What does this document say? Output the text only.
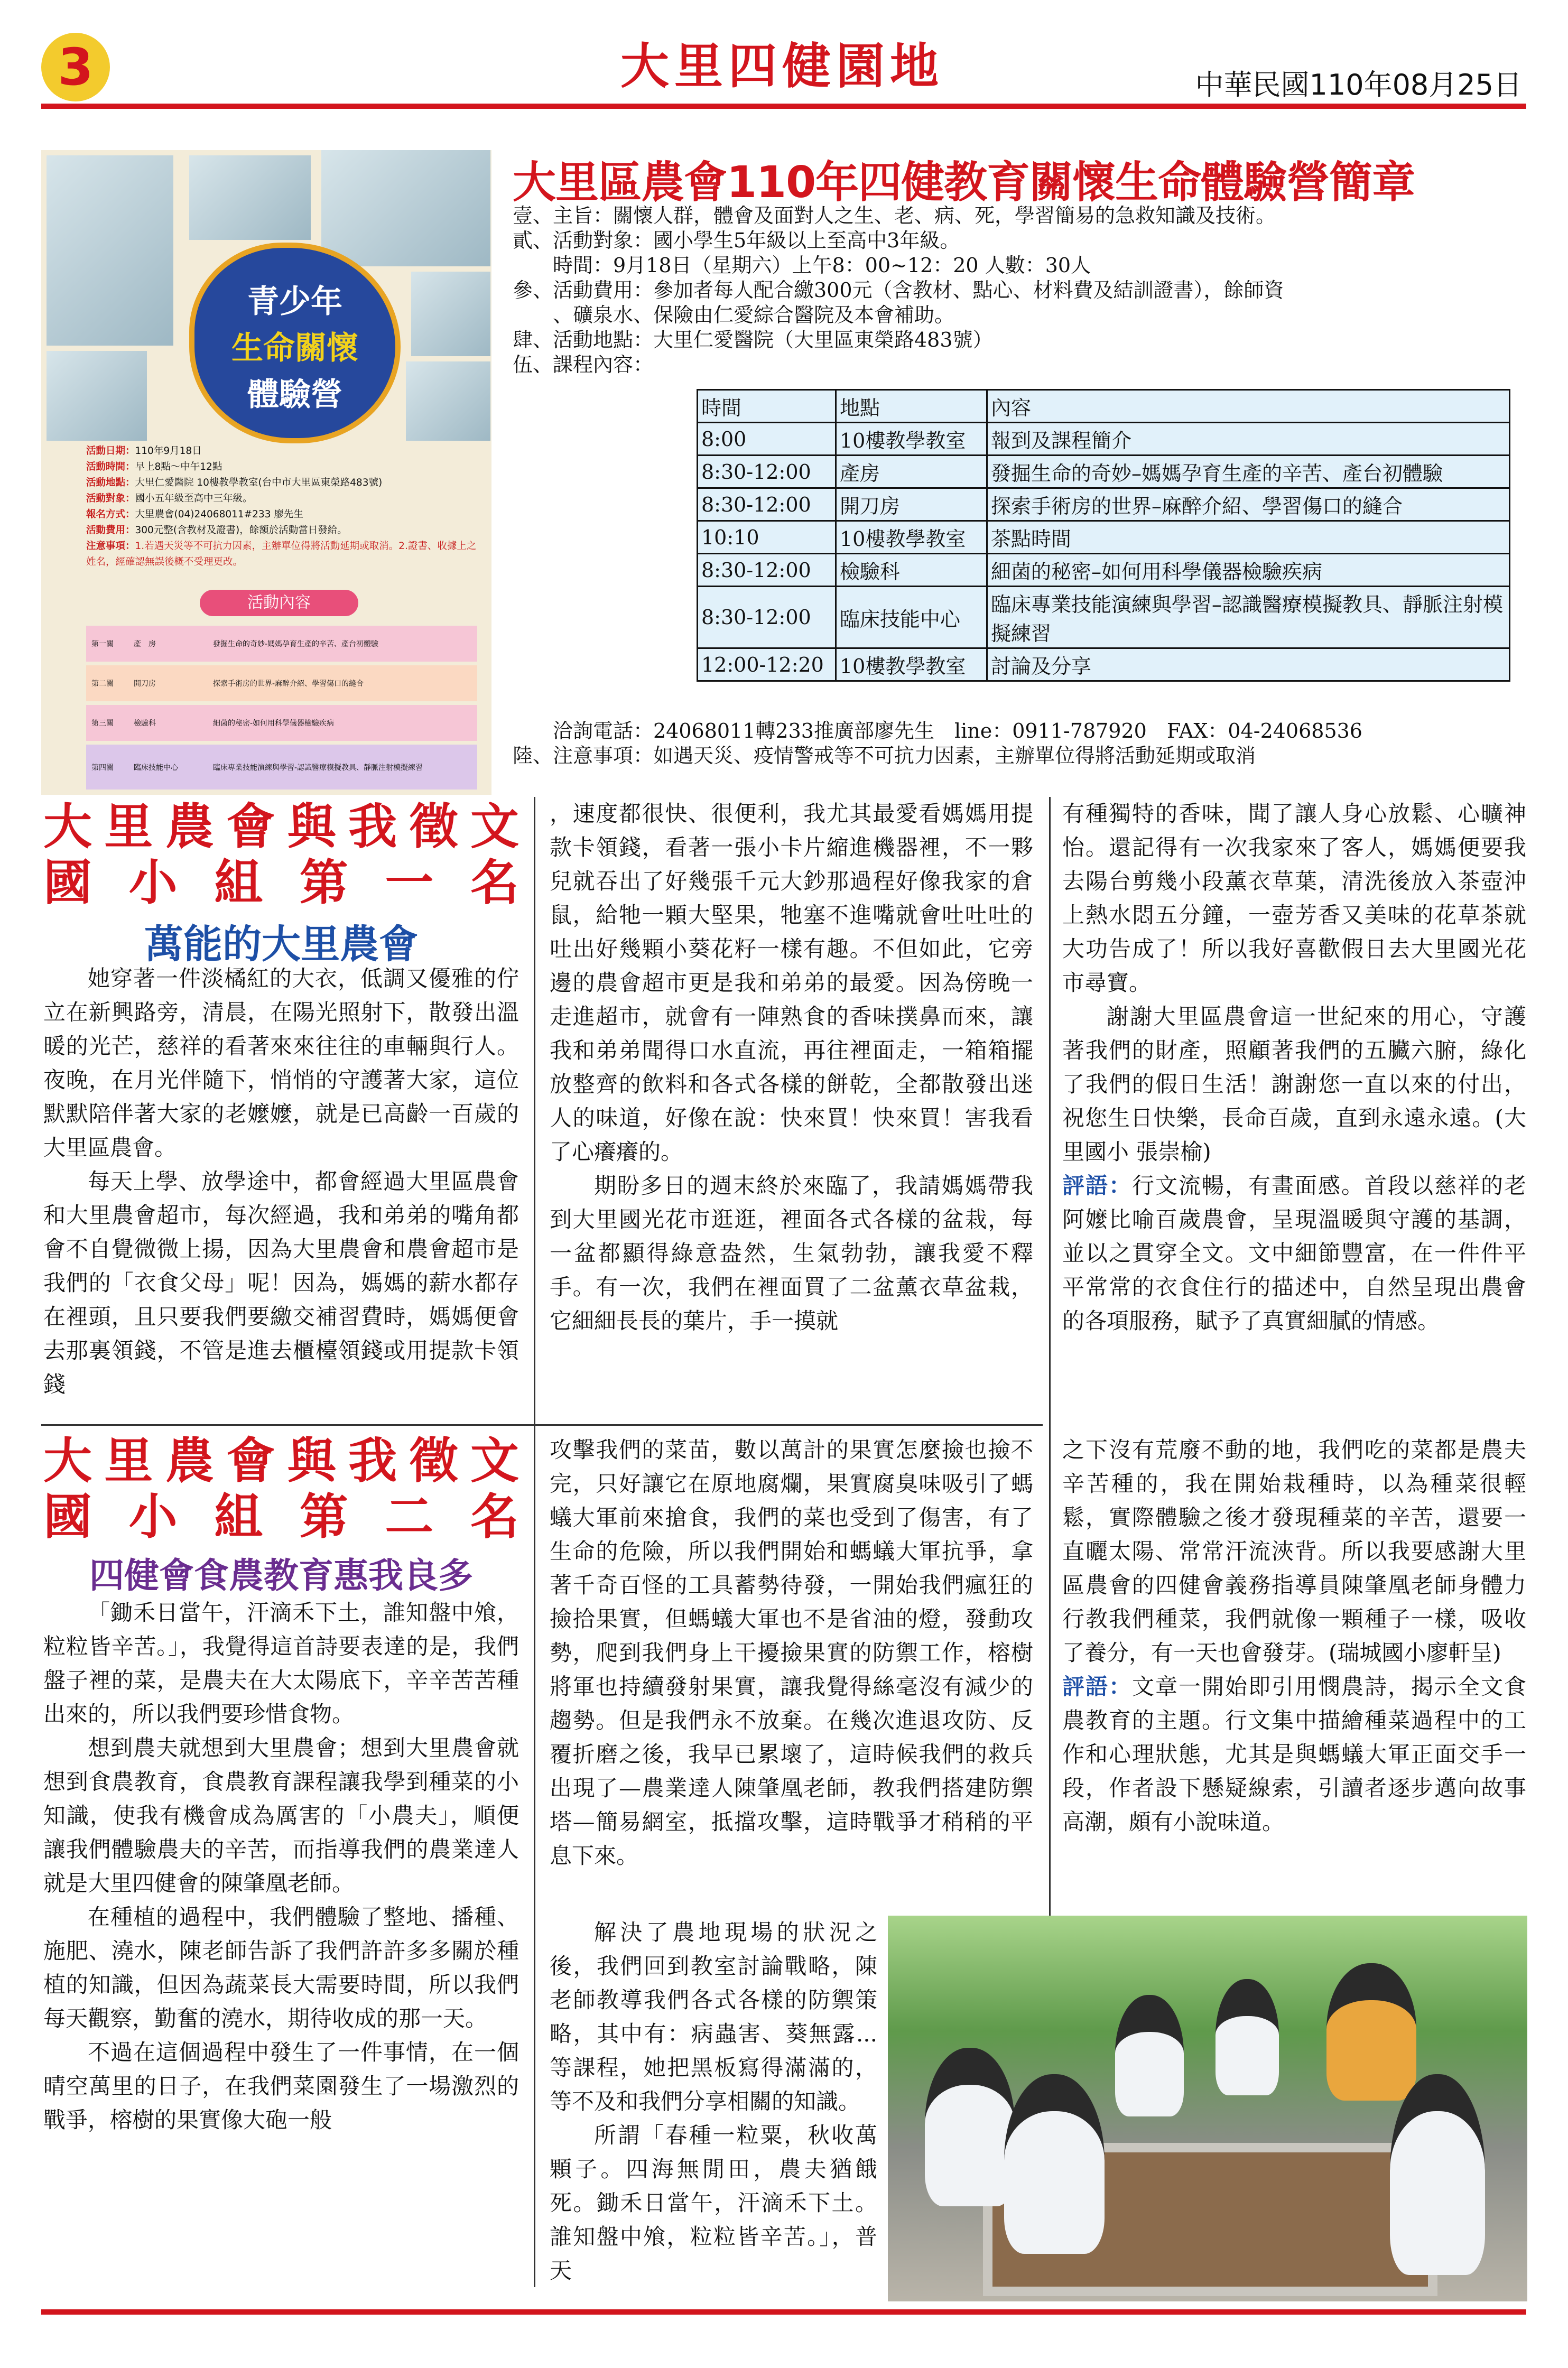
3	大里四健園地	中華民國110年08月25日
青少年
生命關懷
體驗營
活動日期：110年9月18日
活動時間：早上8點～中午12點
活動地點：大里仁愛醫院 10樓教學教室(台中市大里區東榮路483號)
活動對象：國小五年級至高中三年級。
報名方式：大里農會(04)24068011#233 廖先生
活動費用：300元整(含教材及證書)，餘額於活動當日發給。
注意事項：1.若遇天災等不可抗力因素，主辦單位得將活動延期或取消。2.證書、收據上之姓名，經確認無誤後概不受理更改。
活動內容
第一關	產　房	發掘生命的奇妙-媽媽孕育生產的辛苦、產台初體驗
第二關	開刀房	探索手術房的世界-麻醉介紹、學習傷口的縫合
第三關	檢驗科	細菌的秘密-如何用科學儀器檢驗疾病
第四關	臨床技能中心	臨床專業技能演練與學習-認識醫療模擬教具、靜脈注射模擬練習
大里區農會110年四健教育關懷生命體驗營簡章
壹、主旨：關懷人群，體會及面對人之生、老、病、死，學習簡易的急救知識及技術。
貳、活動對象：國小學生5年級以上至高中3年級。
　　時間：9月18日（星期六）上午8：00~12：20 人數：30人
參、活動費用：參加者每人配合繳300元（含教材、點心、材料費及結訓證書），餘師資
　　、礦泉水、保險由仁愛綜合醫院及本會補助。
肆、活動地點：大里仁愛醫院（大里區東榮路483號）
伍、課程內容：
時間	地點	內容
8:00	10樓教學教室	報到及課程簡介
8:30-12:00	產房	發掘生命的奇妙–媽媽孕育生產的辛苦、產台初體驗
8:30-12:00	開刀房	探索手術房的世界–麻醉介紹、學習傷口的縫合
10:10	10樓教學教室	茶點時間
8:30-12:00	檢驗科	細菌的秘密–如何用科學儀器檢驗疾病
8:30-12:00	臨床技能中心	臨床專業技能演練與學習–認識醫療模擬教具、靜脈注射模擬練習
12:00-12:20	10樓教學教室	討論及分享
　　洽詢電話：24068011轉233推廣部廖先生　line：0911-787920　FAX：04-24068536
陸、注意事項：如遇天災、疫情警戒等不可抗力因素，主辦單位得將活動延期或取消
大里農會與我徵文
國小組第一名
萬能的大里農會

她穿著一件淡橘紅的大衣，低調又優雅的佇立在新興路旁，清晨，在陽光照射下，散發出溫暖的光芒，慈祥的看著來來往往的車輛與行人。夜晚，在月光伴隨下，悄悄的守護著大家，這位默默陪伴著大家的老嬤嬤，就是已高齡一百歲的大里區農會。

每天上學、放學途中，都會經過大里區農會和大里農會超市，每次經過，我和弟弟的嘴角都會不自覺微微上揚，因為大里農會和農會超市是我們的「衣食父母」呢！因為，媽媽的薪水都存在裡頭，且只要我們要繳交補習費時，媽媽便會去那裏領錢，不管是進去櫃檯領錢或用提款卡領錢

，速度都很快、很便利，我尤其最愛看媽媽用提款卡領錢，看著一張小卡片縮進機器裡，不一夥兒就吞出了好幾張千元大鈔那過程好像我家的倉鼠，給牠一顆大堅果，牠塞不進嘴就會吐吐吐的吐出好幾顆小葵花籽一樣有趣。不但如此，它旁邊的農會超市更是我和弟弟的最愛。因為傍晚一走進超市，就會有一陣熟食的香味撲鼻而來，讓我和弟弟聞得口水直流，再往裡面走，一箱箱擺放整齊的飲料和各式各樣的餅乾，全都散發出迷人的味道，好像在說：快來買！快來買！害我看了心癢癢的。

期盼多日的週末終於來臨了，我請媽媽帶我到大里國光花市逛逛，裡面各式各樣的盆栽，每一盆都顯得綠意盎然，生氣勃勃，讓我愛不釋手。有一次，我們在裡面買了二盆薰衣草盆栽，它細細長長的葉片，手一摸就

有種獨特的香味，聞了讓人身心放鬆、心曠神怡。還記得有一次我家來了客人，媽媽便要我去陽台剪幾小段薰衣草葉，清洗後放入茶壺沖上熱水悶五分鐘，一壺芳香又美味的花草茶就大功告成了！所以我好喜歡假日去大里國光花市尋寶。

謝謝大里區農會這一世紀來的用心，守護著我們的財產，照顧著我們的五臟六腑，綠化了我們的假日生活！謝謝您一直以來的付出，祝您生日快樂，長命百歲，直到永遠永遠。(大里國小 張崇榆)

評語：行文流暢，有畫面感。首段以慈祥的老阿嬤比喻百歲農會，呈現溫暖與守護的基調，並以之貫穿全文。文中細節豐富，在一件件平平常常的衣食住行的描述中，自然呈現出農會的各項服務，賦予了真實細膩的情感。

大里農會與我徵文
國小組第二名
四健會食農教育惠我良多

「鋤禾日當午，汗滴禾下土，誰知盤中飧，粒粒皆辛苦。」，我覺得這首詩要表達的是，我們盤子裡的菜，是農夫在大太陽底下，辛辛苦苦種出來的，所以我們要珍惜食物。

想到農夫就想到大里農會；想到大里農會就想到食農教育，食農教育課程讓我學到種菜的小知識，使我有機會成為厲害的「小農夫」，順便讓我們體驗農夫的辛苦，而指導我們的農業達人就是大里四健會的陳肇凰老師。

在種植的過程中，我們體驗了整地、播種、施肥、澆水，陳老師告訴了我們許許多多關於種植的知識，但因為蔬菜長大需要時間，所以我們每天觀察，勤奮的澆水，期待收成的那一天。

不過在這個過程中發生了一件事情，在一個晴空萬里的日子，在我們菜園發生了一場激烈的戰爭，榕樹的果實像大砲一般

攻擊我們的菜苗，數以萬計的果實怎麼撿也撿不完，只好讓它在原地腐爛，果實腐臭味吸引了螞蟻大軍前來搶食，我們的菜也受到了傷害，有了生命的危險，所以我們開始和螞蟻大軍抗爭，拿著千奇百怪的工具蓄勢待發，一開始我們瘋狂的撿拾果實，但螞蟻大軍也不是省油的燈，發動攻勢，爬到我們身上干擾撿果實的防禦工作，榕樹將軍也持續發射果實，讓我覺得絲毫沒有減少的趨勢。但是我們永不放棄。在幾次進退攻防、反覆折磨之後，我早已累壞了，這時候我們的救兵出現了—農業達人陳肇凰老師，教我們搭建防禦塔—簡易網室，抵擋攻擊，這時戰爭才稍稍的平息下來。

解決了農地現場的狀況之後，我們回到教室討論戰略，陳老師教導我們各式各樣的防禦策略，其中有：病蟲害、葵無露...等課程，她把黑板寫得滿滿的，等不及和我們分享相關的知識。

所謂「春種一粒粟，秋收萬顆子。四海無閒田，農夫猶餓死。鋤禾日當午，汗滴禾下土。誰知盤中飧，粒粒皆辛苦。」，普天

之下沒有荒廢不動的地，我們吃的菜都是農夫辛苦種的，我在開始栽種時，以為種菜很輕鬆，實際體驗之後才發現種菜的辛苦，還要一直曬太陽、常常汗流浹背。所以我要感謝大里區農會的四健會義務指導員陳肇凰老師身體力行教我們種菜，我們就像一顆種子一樣，吸收了養分，有一天也會發芽。(瑞城國小廖軒呈)

評語：文章一開始即引用憫農詩，揭示全文食農教育的主題。行文集中描繪種菜過程中的工作和心理狀態，尤其是與螞蟻大軍正面交手一段，作者設下懸疑線索，引讀者逐步邁向故事高潮，頗有小說味道。
